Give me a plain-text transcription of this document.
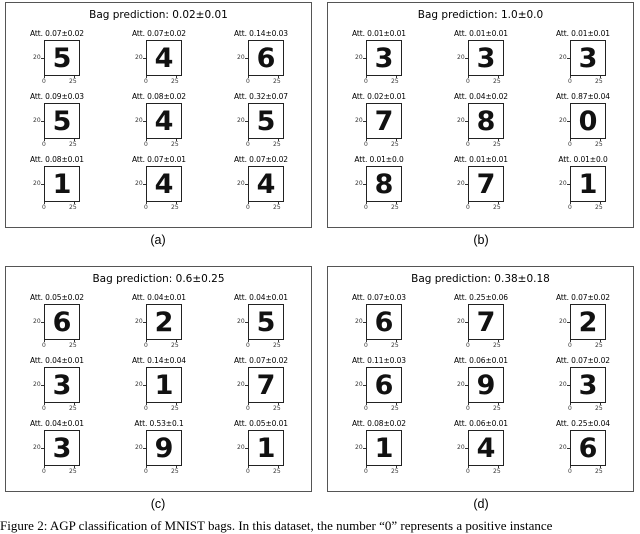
Bag prediction: 0.02±0.01
Att. 0.07±0.02
5
20
0	25
Att. 0.07±0.02
4
20
0	25
Att. 0.14±0.03
6
20
0	25
Att. 0.09±0.03
5
20
0	25
Att. 0.08±0.02
4
20
0	25
Att. 0.32±0.07
5
20
0	25
Att. 0.08±0.01
1
20
0	25
Att. 0.07±0.01
4
20
0	25
Att. 0.07±0.02
4
20
0	25
Bag prediction: 1.0±0.0
Att. 0.01±0.01
3
20
0	25
Att. 0.01±0.01
3
20
0	25
Att. 0.01±0.01
3
20
0	25
Att. 0.02±0.01
7
20
0	25
Att. 0.04±0.02
8
20
0	25
Att. 0.87±0.04
0
20
0	25
Att. 0.01±0.0
8
20
0	25
Att. 0.01±0.01
7
20
0	25
Att. 0.01±0.0
1
20
0	25
Bag prediction: 0.6±0.25
Att. 0.05±0.02
6
20
0	25
Att. 0.04±0.01
2
20
0	25
Att. 0.04±0.01
5
20
0	25
Att. 0.04±0.01
3
20
0	25
Att. 0.14±0.04
1
20
0	25
Att. 0.07±0.02
7
20
0	25
Att. 0.04±0.01
3
20
0	25
Att. 0.53±0.1
9
20
0	25
Att. 0.05±0.01
1
20
0	25
Bag prediction: 0.38±0.18
Att. 0.07±0.03
6
20
0	25
Att. 0.25±0.06
7
20
0	25
Att. 0.07±0.02
2
20
0	25
Att. 0.11±0.03
6
20
0	25
Att. 0.06±0.01
9
20
0	25
Att. 0.07±0.02
3
20
0	25
Att. 0.08±0.02
1
20
0	25
Att. 0.06±0.01
4
20
0	25
Att. 0.25±0.04
6
20
0	25
(a)	(b)
(c)	(d)
Figure 2: AGP classification of MNIST bags. In this dataset, the number “0” represents a positive instance
